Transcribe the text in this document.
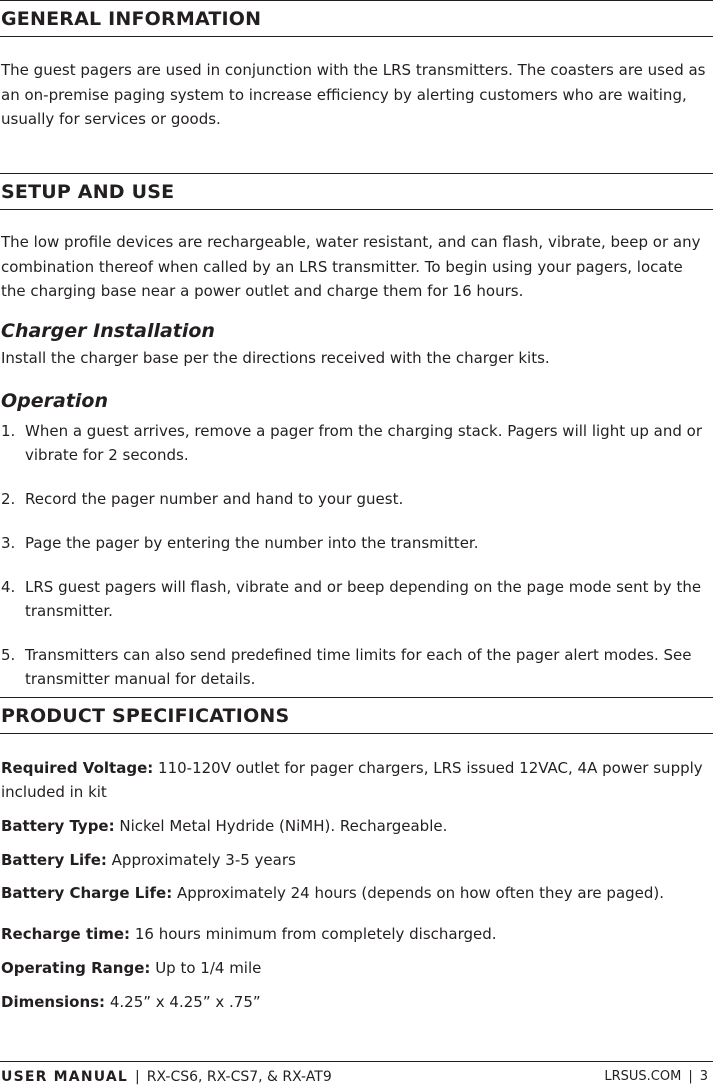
GENERAL INFORMATION

The guest pagers are used in conjunction with the LRS transmitters. The coasters are used as an on-premise paging system to increase efficiency by alerting customers who are waiting, usually for services or goods.

SETUP AND USE

The low profile devices are rechargeable, water resistant, and can flash, vibrate, beep or any combination thereof when called by an LRS transmitter. To begin using your pagers, locate the charging base near a power outlet and charge them for 16 hours.

Charger Installation

Install the charger base per the directions received with the charger kits.

Operation
1. When a guest arrives, remove a pager from the charging stack. Pagers will light up and or vibrate for 2 seconds.
2. Record the pager number and hand to your guest.
3. Page the pager by entering the number into the transmitter.
4. LRS guest pagers will flash, vibrate and or beep depending on the page mode sent by the transmitter.
5. Transmitters can also send predefined time limits for each of the pager alert modes. See transmitter manual for details.
PRODUCT SPECIFICATIONS

Required Voltage: 110-120V outlet for pager chargers, LRS issued 12VAC, 4A power supply included in kit

Battery Type: Nickel Metal Hydride (NiMH). Rechargeable.

Battery Life: Approximately 3-5 years

Battery Charge Life: Approximately 24 hours (depends on how often they are paged).

Recharge time: 16 hours minimum from completely discharged.

Operating Range: Up to 1/4 mile

Dimensions: 4.25” x 4.25” x .75”

USER MANUAL | RX-CS6, RX-CS7, & RX-AT9	LRSUS.COM | 3
